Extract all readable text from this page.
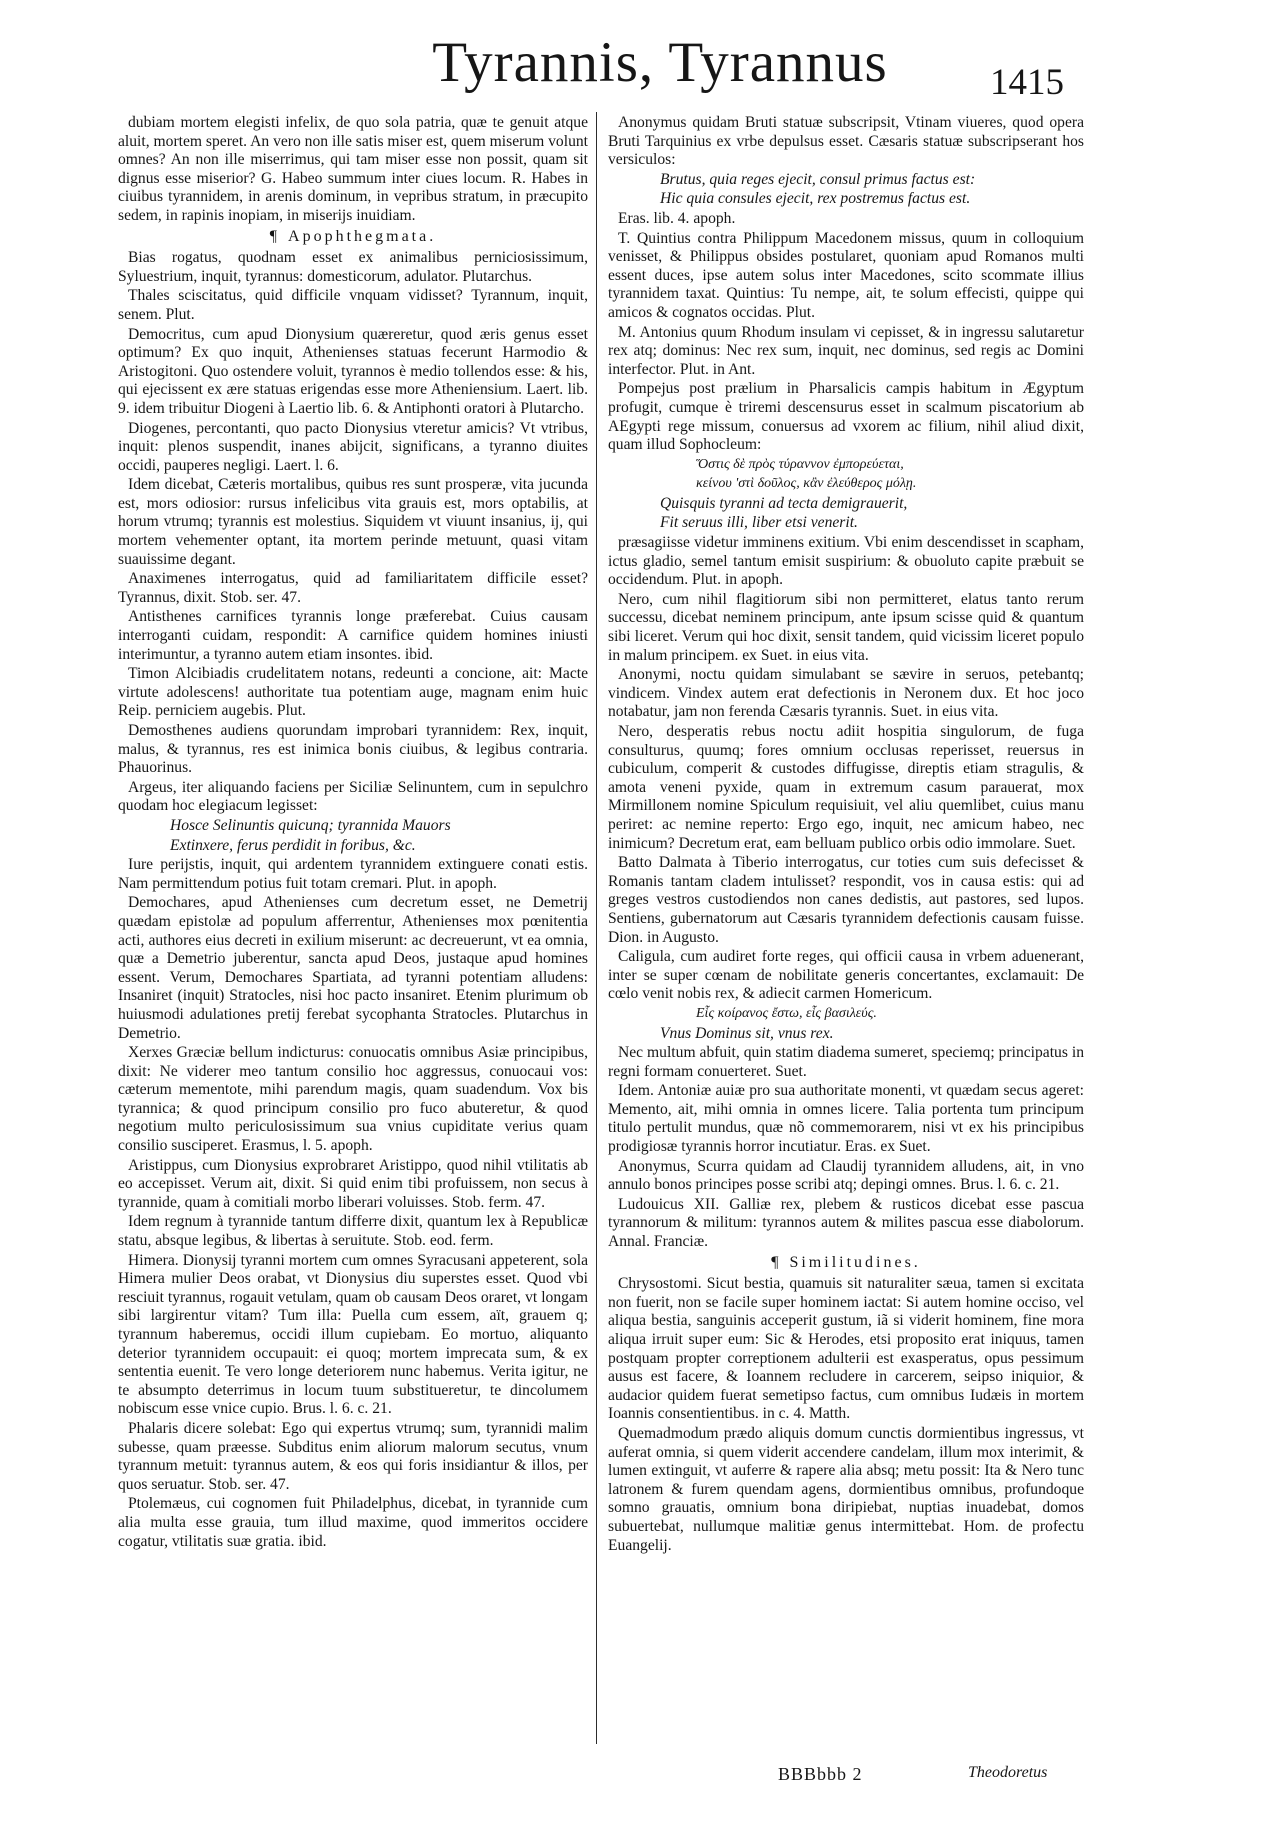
Tyrannis, Tyrannus	1415

dubiam mortem elegisti infelix, de quo sola patria, quæ te genuit atque aluit, mortem speret. An vero non ille satis miser est, quem miserum volunt omnes? An non ille miserrimus, qui tam miser esse non possit, quam sit dignus esse miserior? G. Habeo summum inter ciues locum. R. Habes in ciuibus tyrannidem, in arenis dominum, in vepribus stratum, in præcupito sedem, in rapinis inopiam, in miserijs inuidiam.

¶ Apophthegmata.

Bias rogatus, quodnam esset ex animalibus perniciosissimum, Syluestrium, inquit, tyrannus: domesticorum, adulator. Plutarchus.

Thales sciscitatus, quid difficile vnquam vidisset? Tyrannum, inquit, senem. Plut.

Democritus, cum apud Dionysium quæreretur, quod æris genus esset optimum? Ex quo inquit, Athenienses statuas fecerunt Harmodio & Aristogitoni. Quo ostendere voluit, tyrannos è medio tollendos esse: & his, qui ejecissent ex ære statuas erigendas esse more Atheniensium. Laert. lib. 9. idem tribuitur Diogeni à Laertio lib. 6. & Antiphonti oratori à Plutarcho.

Diogenes, percontanti, quo pacto Dionysius vteretur amicis? Vt vtribus, inquit: plenos suspendit, inanes abijcit, significans, a tyranno diuites occidi, pauperes negligi. Laert. l. 6.

Idem dicebat, Cæteris mortalibus, quibus res sunt prosperæ, vita jucunda est, mors odiosior: rursus infelicibus vita grauis est, mors optabilis, at horum vtrumq; tyrannis est molestius. Siquidem vt viuunt insanius, ij, qui mortem vehementer optant, ita mortem perinde metuunt, quasi vitam suauissime degant.

Anaximenes interrogatus, quid ad familiaritatem difficile esset? Tyrannus, dixit. Stob. ser. 47.

Antisthenes carnifices tyrannis longe præferebat. Cuius causam interroganti cuidam, respondit: A carnifice quidem homines iniusti interimuntur, a tyranno autem etiam insontes. ibid.

Timon Alcibiadis crudelitatem notans, redeunti a concione, ait: Macte virtute adolescens! authoritate tua potentiam auge, magnam enim huic Reip. perniciem augebis. Plut.

Demosthenes audiens quorundam improbari tyrannidem: Rex, inquit, malus, & tyrannus, res est inimica bonis ciuibus, & legibus contraria. Phauorinus.

Argeus, iter aliquando faciens per Siciliæ Selinuntem, cum in sepulchro quodam hoc elegiacum legisset:

Hosce Selinuntis quicunq; tyrannida Mauors

Extinxere, ferus perdidit in foribus, &c.

Iure perijstis, inquit, qui ardentem tyrannidem extinguere conati estis. Nam permittendum potius fuit totam cremari. Plut. in apoph.

Demochares, apud Athenienses cum decretum esset, ne Demetrij quædam epistolæ ad populum afferrentur, Athenienses mox pœnitentia acti, authores eius decreti in exilium miserunt: ac decreuerunt, vt ea omnia, quæ a Demetrio juberentur, sancta apud Deos, justaque apud homines essent. Verum, Demochares Spartiata, ad tyranni potentiam alludens: Insaniret (inquit) Stratocles, nisi hoc pacto insaniret. Etenim plurimum ob huiusmodi adulationes pretij ferebat sycophanta Stratocles. Plutarchus in Demetrio.

Xerxes Græciæ bellum indicturus: conuocatis omnibus Asiæ principibus, dixit: Ne viderer meo tantum consilio hoc aggressus, conuocaui vos: cæterum mementote, mihi parendum magis, quam suadendum. Vox bis tyrannica; & quod principum consilio pro fuco abuteretur, & quod negotium multo periculosissimum sua vnius cupiditate verius quam consilio susciperet. Erasmus, l. 5. apoph.

Aristippus, cum Dionysius exprobraret Aristippo, quod nihil vtilitatis ab eo accepisset. Verum ait, dixit. Si quid enim tibi profuissem, non secus à tyrannide, quam à comitiali morbo liberari voluisses. Stob. ferm. 47.

Idem regnum à tyrannide tantum differre dixit, quantum lex à Republicæ statu, absque legibus, & libertas à seruitute. Stob. eod. ferm.

Himera. Dionysij tyranni mortem cum omnes Syracusani appeterent, sola Himera mulier Deos orabat, vt Dionysius diu superstes esset. Quod vbi resciuit tyrannus, rogauit vetulam, quam ob causam Deos oraret, vt longam sibi largirentur vitam? Tum illa: Puella cum essem, aït, grauem q; tyrannum haberemus, occidi illum cupiebam. Eo mortuo, aliquanto deterior tyrannidem occupauit: ei quoq; mortem imprecata sum, & ex sententia euenit. Te vero longe deteriorem nunc habemus. Verita igitur, ne te absumpto deterrimus in locum tuum substitueretur, te dincolumem nobiscum esse vnice cupio. Brus. l. 6. c. 21.

Phalaris dicere solebat: Ego qui expertus vtrumq; sum, tyrannidi malim subesse, quam præesse. Subditus enim aliorum malorum secutus, vnum tyrannum metuit: tyrannus autem, & eos qui foris insidiantur & illos, per quos seruatur. Stob. ser. 47.

Ptolemæus, cui cognomen fuit Philadelphus, dicebat, in tyrannide cum alia multa esse grauia, tum illud maxime, quod immeritos occidere cogatur, vtilitatis suæ gratia. ibid.

Anonymus quidam Bruti statuæ subscripsit, Vtinam viueres, quod opera Bruti Tarquinius ex vrbe depulsus esset. Cæsaris statuæ subscripserant hos versiculos:

Brutus, quia reges ejecit, consul primus factus est:

Hic quia consules ejecit, rex postremus factus est.

Eras. lib. 4. apoph.

T. Quintius contra Philippum Macedonem missus, quum in colloquium venisset, & Philippus obsides postularet, quoniam apud Romanos multi essent duces, ipse autem solus inter Macedones, scito scommate illius tyrannidem taxat. Quintius: Tu nempe, ait, te solum effecisti, quippe qui amicos & cognatos occidas. Plut.

M. Antonius quum Rhodum insulam vi cepisset, & in ingressu salutaretur rex atq; dominus: Nec rex sum, inquit, nec dominus, sed regis ac Domini interfector. Plut. in Ant.

Pompejus post prælium in Pharsalicis campis habitum in Ægyptum profugit, cumque è triremi descensurus esset in scalmum piscatorium ab AEgypti rege missum, conuersus ad vxorem ac filium, nihil aliud dixit, quam illud Sophocleum:

Ὅστις δὲ πρὸς τύραννον ἐμπορεύεται,

κείνου 'στὶ δοῦλος, κἂν ἐλεύθερος μόλῃ.

Quisquis tyranni ad tecta demigrauerit,

Fit seruus illi, liber etsi venerit.

præsagiisse videtur imminens exitium. Vbi enim descendisset in scapham, ictus gladio, semel tantum emisit suspirium: & obuoluto capite præbuit se occidendum. Plut. in apoph.

Nero, cum nihil flagitiorum sibi non permitteret, elatus tanto rerum successu, dicebat neminem principum, ante ipsum scisse quid & quantum sibi liceret. Verum qui hoc dixit, sensit tandem, quid vicissim liceret populo in malum principem. ex Suet. in eius vita.

Anonymi, noctu quidam simulabant se sævire in seruos, petebantq; vindicem. Vindex autem erat defectionis in Neronem dux. Et hoc joco notabatur, jam non ferenda Cæsaris tyrannis. Suet. in eius vita.

Nero, desperatis rebus noctu adiit hospitia singulorum, de fuga consulturus, quumq; fores omnium occlusas reperisset, reuersus in cubiculum, comperit & custodes diffugisse, direptis etiam stragulis, & amota veneni pyxide, quam in extremum casum parauerat, mox Mirmillonem nomine Spiculum requisiuit, vel aliu quemlibet, cuius manu periret: ac nemine reperto: Ergo ego, inquit, nec amicum habeo, nec inimicum? Decretum erat, eam belluam publico orbis odio immolare. Suet.

Batto Dalmata à Tiberio interrogatus, cur toties cum suis defecisset & Romanis tantam cladem intulisset? respondit, vos in causa estis: qui ad greges vestros custodiendos non canes dedistis, aut pastores, sed lupos. Sentiens, gubernatorum aut Cæsaris tyrannidem defectionis causam fuisse. Dion. in Augusto.

Caligula, cum audiret forte reges, qui officii causa in vrbem aduenerant, inter se super cœnam de nobilitate generis concertantes, exclamauit: De cœlo venit nobis rex, & adiecit carmen Homericum.

Εἷς κοίρανος ἔστω, εἷς βασιλεύς.

Vnus Dominus sit, vnus rex.

Nec multum abfuit, quin statim diadema sumeret, speciemq; principatus in regni formam conuerteret. Suet.

Idem. Antoniæ auiæ pro sua authoritate monenti, vt quædam secus ageret: Memento, ait, mihi omnia in omnes licere. Talia portenta tum principum titulo pertulit mundus, quæ nõ commemorarem, nisi vt ex his principibus prodigiosæ tyrannis horror incutiatur. Eras. ex Suet.

Anonymus, Scurra quidam ad Claudij tyrannidem alludens, ait, in vno annulo bonos principes posse scribi atq; depingi omnes. Brus. l. 6. c. 21.

Ludouicus XII. Galliæ rex, plebem & rusticos dicebat esse pascua tyrannorum & militum: tyrannos autem & milites pascua esse diabolorum. Annal. Franciæ.

¶ Similitudines.

Chrysostomi. Sicut bestia, quamuis sit naturaliter sæua, tamen si excitata non fuerit, non se facile super hominem iactat: Si autem homine occiso, vel aliqua bestia, sanguinis acceperit gustum, iã si viderit hominem, fine mora aliqua irruit super eum: Sic & Herodes, etsi proposito erat iniquus, tamen postquam propter correptionem adulterii est exasperatus, opus pessimum ausus est facere, & Ioannem recludere in carcerem, seipso iniquior, & audacior quidem fuerat semetipso factus, cum omnibus Iudæis in mortem Ioannis consentientibus. in c. 4. Matth.

Quemadmodum prædo aliquis domum cunctis dormientibus ingressus, vt auferat omnia, si quem viderit accendere candelam, illum mox interimit, & lumen extinguit, vt auferre & rapere alia absq; metu possit: Ita & Nero tunc latronem & furem quendam agens, dormientibus omnibus, profundoque somno grauatis, omnium bona diripiebat, nuptias inuadebat, domos subuertebat, nullumque malitiæ genus intermittebat. Hom. de profectu Euangelij.

BBBbbb 2	Theodoretus
